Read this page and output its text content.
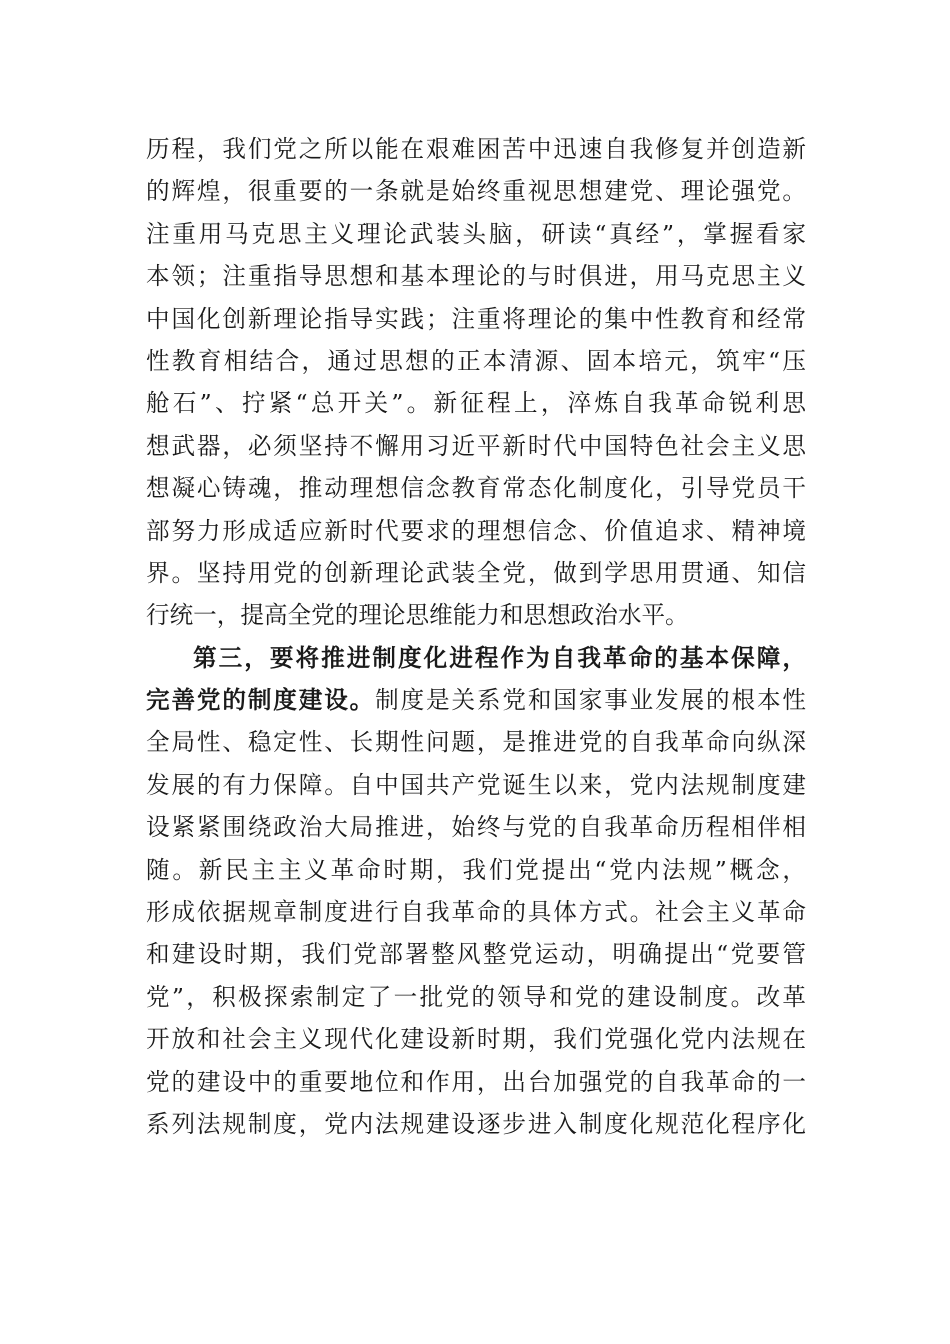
历程，我们党之所以能在艰难困苦中迅速自我修复并创造新
的辉煌，很重要的一条就是始终重视思想建党、理论强党。
注重用马克思主义理论武装头脑，研读“真经”，掌握看家
本领；注重指导思想和基本理论的与时俱进，用马克思主义
中国化创新理论指导实践；注重将理论的集中性教育和经常
性教育相结合，通过思想的正本清源、固本培元，筑牢“压
舱石”、拧紧“总开关”。新征程上，淬炼自我革命锐利思
想武器，必须坚持不懈用习近平新时代中国特色社会主义思
想凝心铸魂，推动理想信念教育常态化制度化，引导党员干
部努力形成适应新时代要求的理想信念、价值追求、精神境
界。坚持用党的创新理论武装全党，做到学思用贯通、知信
行统一，提高全党的理论思维能力和思想政治水平。
第三，要将推进制度化进程作为自我革命的基本保障，
完善党的制度建设。制度是关系党和国家事业发展的根本性
全局性、稳定性、长期性问题，是推进党的自我革命向纵深
发展的有力保障。自中国共产党诞生以来，党内法规制度建
设紧紧围绕政治大局推进，始终与党的自我革命历程相伴相
随。新民主主义革命时期，我们党提出“党内法规”概念，
形成依据规章制度进行自我革命的具体方式。社会主义革命
和建设时期，我们党部署整风整党运动，明确提出“党要管
党”，积极探索制定了一批党的领导和党的建设制度。改革
开放和社会主义现代化建设新时期，我们党强化党内法规在
党的建设中的重要地位和作用，出台加强党的自我革命的一
系列法规制度，党内法规建设逐步进入制度化规范化程序化
